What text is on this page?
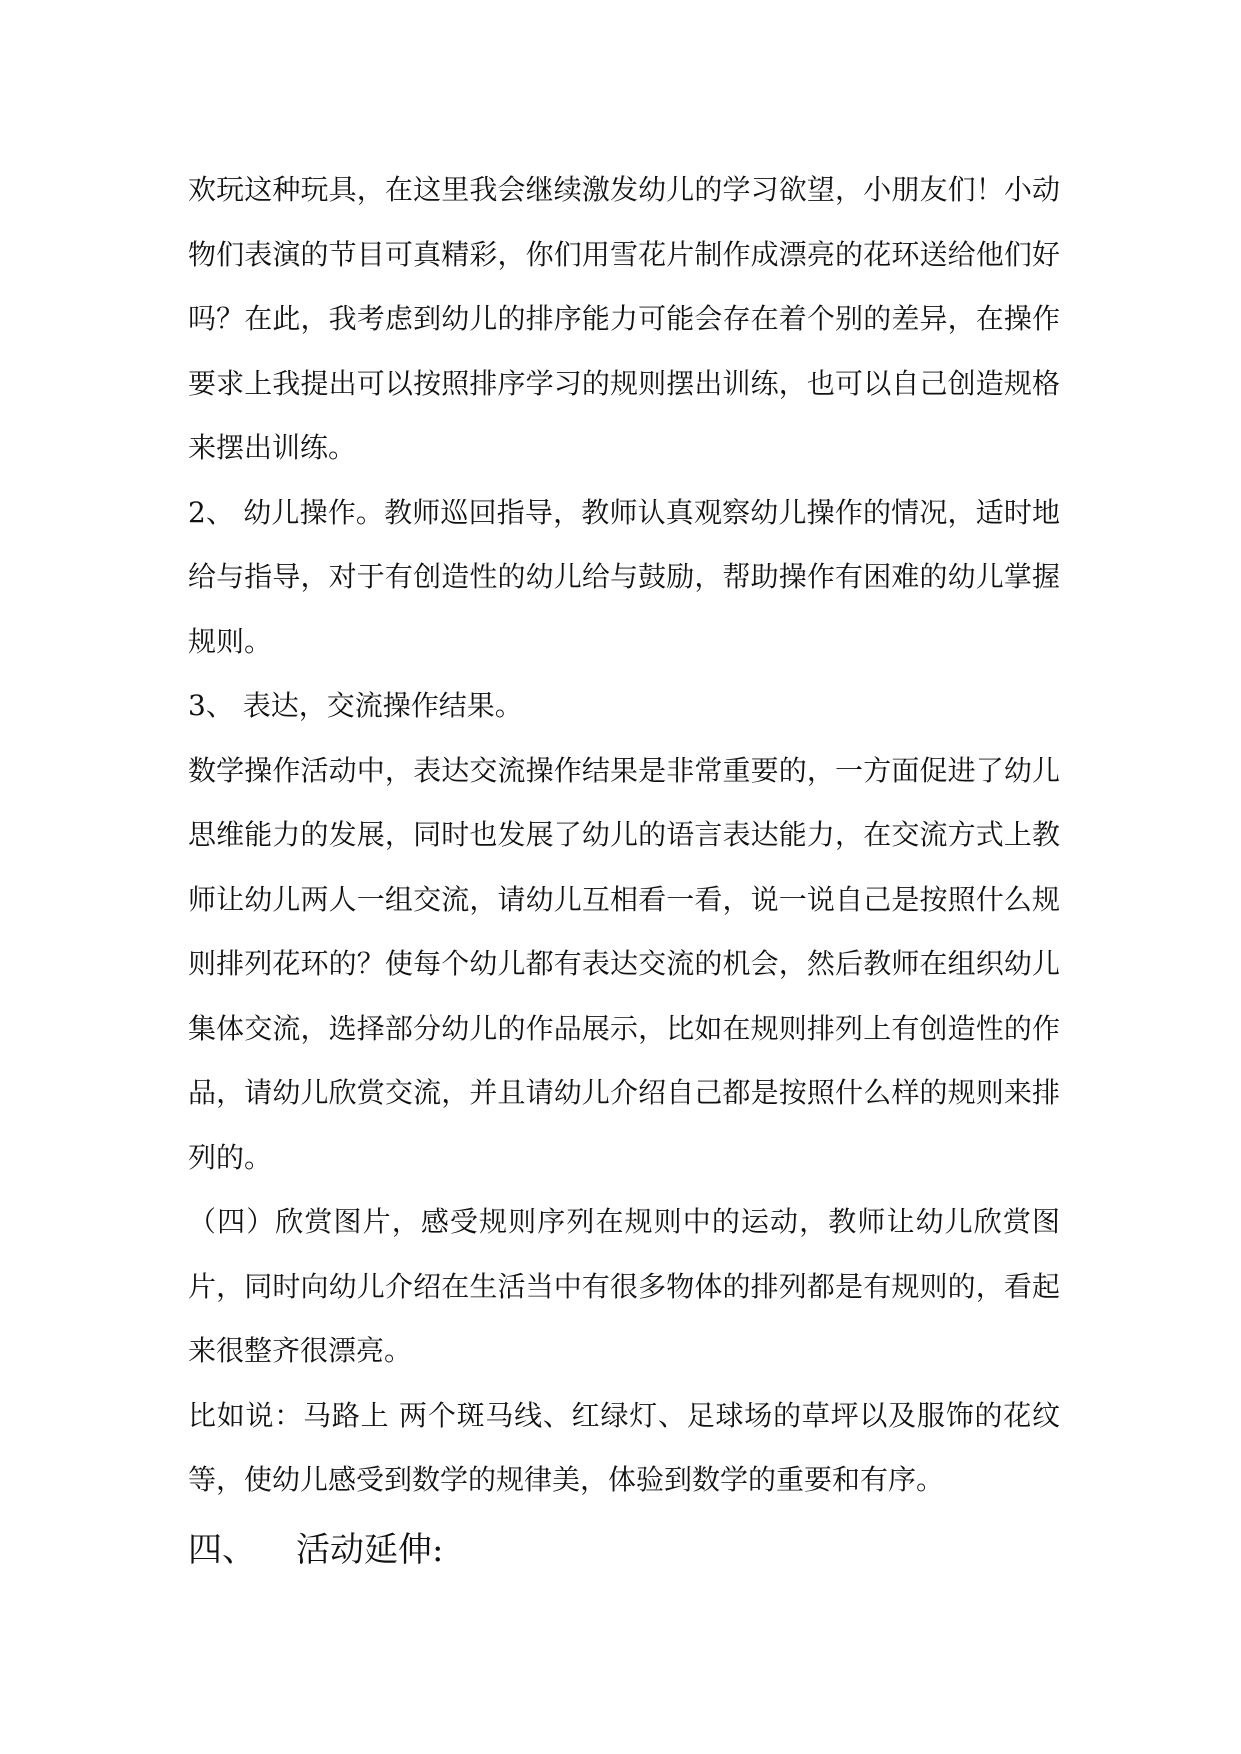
欢玩这种玩具，在这里我会继续激发幼儿的学习欲望，小朋友们！小动物们表演的节目可真精彩，你们用雪花片制作成漂亮的花环送给他们好吗？在此，我考虑到幼儿的排序能力可能会存在着个别的差异，在操作要求上我提出可以按照排序学习的规则摆出训练，也可以自己创造规格来摆出训练。

2、 幼儿操作。教师巡回指导，教师认真观察幼儿操作的情况，适时地给与指导，对于有创造性的幼儿给与鼓励，帮助操作有困难的幼儿掌握规则。

3、 表达，交流操作结果。

数学操作活动中，表达交流操作结果是非常重要的，一方面促进了幼儿思维能力的发展，同时也发展了幼儿的语言表达能力，在交流方式上教师让幼儿两人一组交流，请幼儿互相看一看，说一说自己是按照什么规则排列花环的？使每个幼儿都有表达交流的机会，然后教师在组织幼儿集体交流，选择部分幼儿的作品展示，比如在规则排列上有创造性的作品，请幼儿欣赏交流，并且请幼儿介绍自己都是按照什么样的规则来排列的。

（四）欣赏图片，感受规则序列在规则中的运动，教师让幼儿欣赏图片，同时向幼儿介绍在生活当中有很多物体的排列都是有规则的，看起来很整齐很漂亮。

比如说：马路上 两个斑马线、红绿灯、足球场的草坪以及服饰的花纹等，使幼儿感受到数学的规律美，体验到数学的重要和有序。

四、 活动延伸:
